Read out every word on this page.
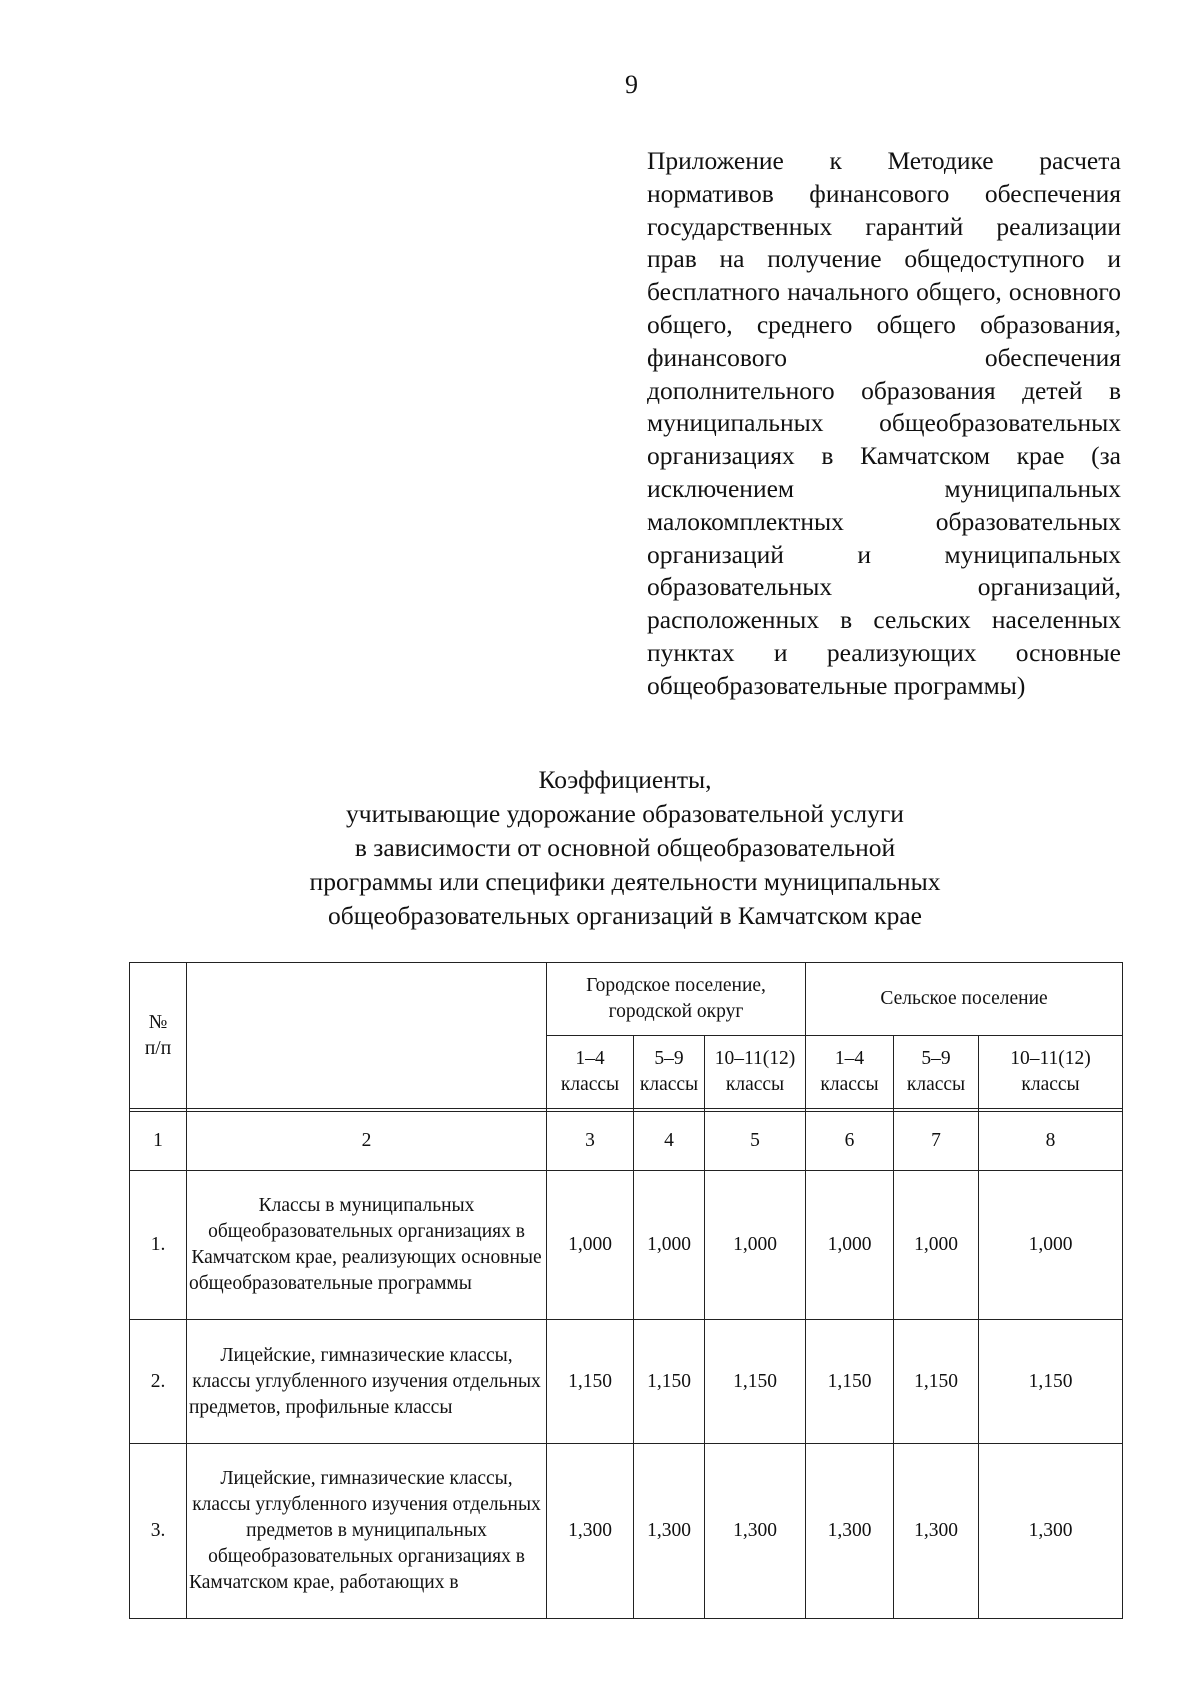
9
Приложение к Методике расчета нормативов финансового обеспечения государственных гарантий реализации прав на получение общедоступного и бесплатного начального общего, основного общего, среднего общего образования, финансового обеспечения дополнительного образования детей в муниципальных общеобразовательных организациях в Камчатском крае (за исключением муниципальных малокомплектных образовательных организаций и муниципальных образовательных организаций, расположенных в сельских населенных пунктах и реализующих основные общеобразовательные программы)
Коэффициенты,
учитывающие удорожание образовательной услуги
в зависимости от основной общеобразовательной
программы или специфики деятельности муниципальных
общеобразовательных организаций в Камчатском крае
№ п/п		Городское поселение, городской округ			Сельское поселение		
		1–4 классы	5–9 классы	10–11(12) классы	1–4 классы	5–9 классы	10–11(12) классы

1	2	3	4	5	6	7	8
1.	Классы в муниципальных общеобразовательных организациях в Камчатском крае, реализующих основные общеобразовательные программы	1,000	1,000	1,000	1,000	1,000	1,000
2.	Лицейские, гимназические классы, классы углубленного изучения отдельных предметов, профильные классы	1,150	1,150	1,150	1,150	1,150	1,150
3.	Лицейские, гимназические классы, классы углубленного изучения отдельных предметов в муниципальных общеобразовательных организациях в Камчатском крае, работающих в	1,300	1,300	1,300	1,300	1,300	1,300
